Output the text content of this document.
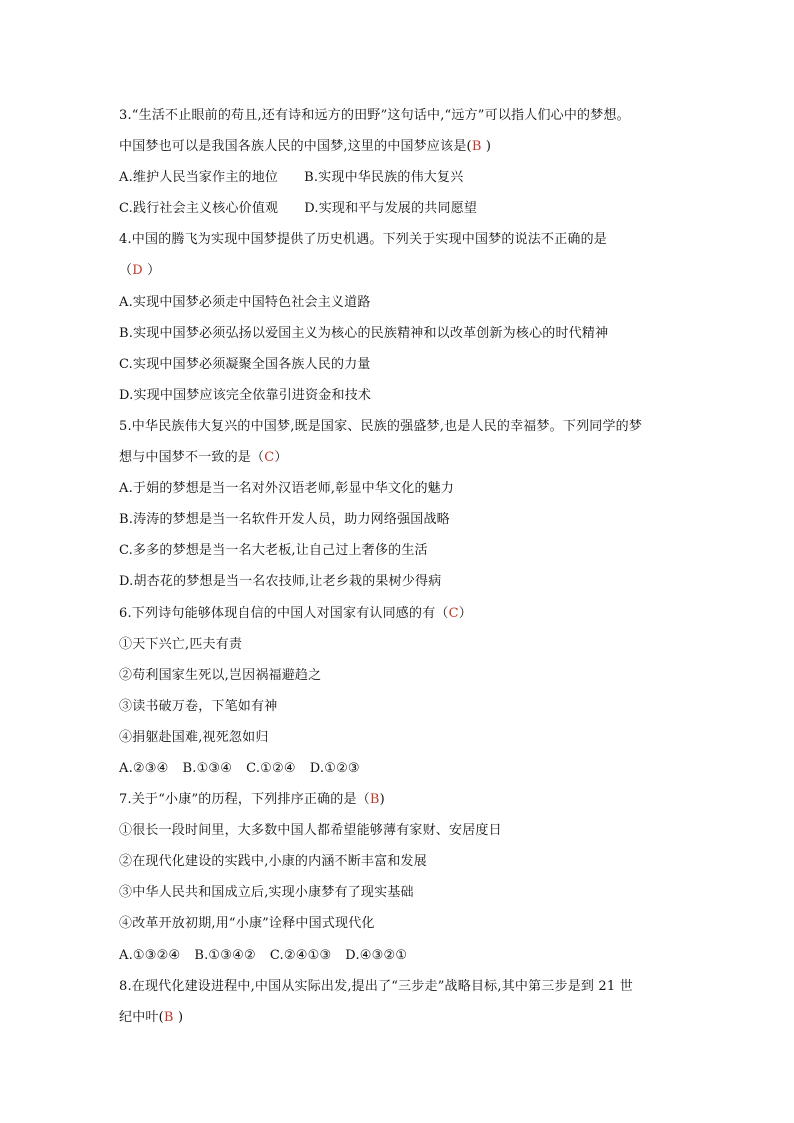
3.“生活不止眼前的苟且,还有诗和远方的田野”这句话中,“远方”可以指人们心中的梦想。
中国梦也可以是我国各族人民的中国梦,这里的中国梦应该是(B )
A.维护人民当家作主的地位 B.实现中华民族的伟大复兴
C.践行社会主义核心价值观 D.实现和平与发展的共同愿望
4.中国的腾飞为实现中国梦提供了历史机遇。下列关于实现中国梦的说法不正确的是
（D ）
A.实现中国梦必须走中国特色社会主义道路
B.实现中国梦必须弘扬以爱国主义为核心的民族精神和以改革创新为核心的时代精神
C.实现中国梦必须凝聚全国各族人民的力量
D.实现中国梦应该完全依靠引进资金和技术
5.中华民族伟大复兴的中国梦,既是国家、民族的强盛梦,也是人民的幸福梦。下列同学的梦
想与中国梦不一致的是（C）
A.于娟的梦想是当一名对外汉语老师,彰显中华文化的魅力
B.涛涛的梦想是当一名软件开发人员，助力网络强国战略
C.多多的梦想是当一名大老板,让自己过上奢侈的生活
D.胡杏花的梦想是当一名农技师,让老乡栽的果树少得病
6.下列诗句能够体现自信的中国人对国家有认同感的有（C）
①天下兴亡,匹夫有责
②苟利国家生死以,岂因祸福避趋之
③读书破万卷，下笔如有神
④捐躯赴国难,视死忽如归
A.②③④ B.①③④ C.①②④ D.①②③
7.关于“小康”的历程，下列排序正确的是（B)
①很长一段时间里，大多数中国人都希望能够薄有家财、安居度日
②在现代化建设的实践中,小康的内涵不断丰富和发展
③中华人民共和国成立后,实现小康梦有了现实基础
④改革开放初期,用“小康”诠释中国式现代化
A.①③②④ B.①③④② C.②④①③ D.④③②①
8.在现代化建设进程中,中国从实际出发,提出了“三步走”战略目标,其中第三步是到 21 世
纪中叶(B )
